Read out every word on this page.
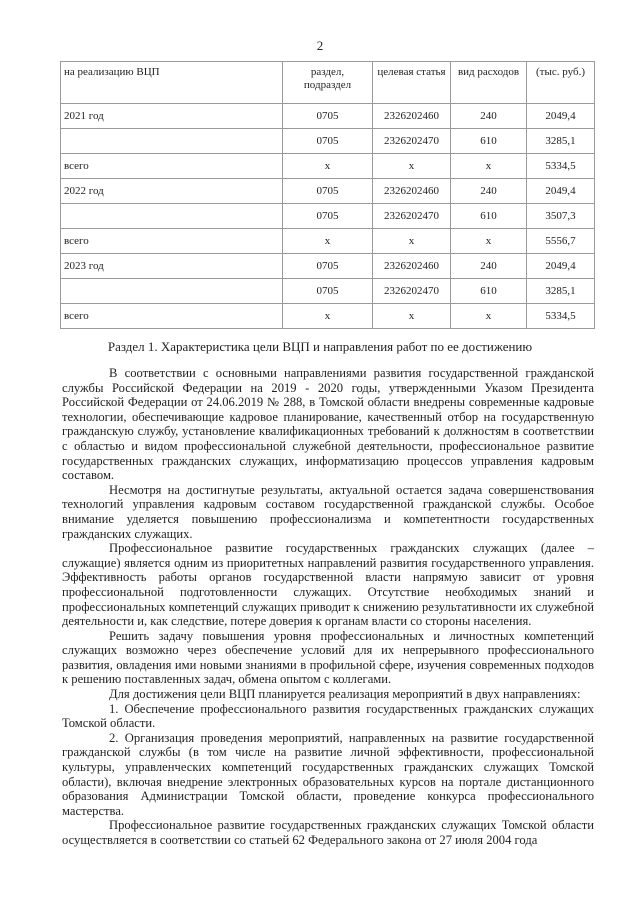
2
на реализацию ВЦП	раздел, подраздел	целевая статья	вид расходов	(тыс. руб.)
2021 год	0705	2326202460	240	2049,4
	0705	2326202470	610	3285,1
всего	х	х	х	5334,5
2022 год	0705	2326202460	240	2049,4
	0705	2326202470	610	3507,3
всего	х	х	х	5556,7
2023 год	0705	2326202460	240	2049,4
	0705	2326202470	610	3285,1
всего	х	х	х	5334,5
Раздел 1. Характеристика цели ВЦП и направления работ по ее достижению

В соответствии с основными направлениями развития государственной гражданской службы Российской Федерации на 2019 - 2020 годы, утвержденными Указом Президента Российской Федерации от 24.06.2019 № 288, в Томской области внедрены современные кадровые технологии, обеспечивающие кадровое планирование, качественный отбор на государственную гражданскую службу, установление квалификационных требований к должностям в соответствии с областью и видом профессиональной служебной деятельности, профессиональное развитие государственных гражданских служащих, информатизацию процессов управления кадровым составом.

Несмотря на достигнутые результаты, актуальной остается задача совершенствования технологий управления кадровым составом государственной гражданской службы. Особое внимание уделяется повышению профессионализма и компетентности государственных гражданских служащих.

Профессиональное развитие государственных гражданских служащих (далее – служащие) является одним из приоритетных направлений развития государственного управления. Эффективность работы органов государственной власти напрямую зависит от уровня профессиональной подготовленности служащих. Отсутствие необходимых знаний и профессиональных компетенций служащих приводит к снижению результативности их служебной деятельности и, как следствие, потере доверия к органам власти со стороны населения.

Решить задачу повышения уровня профессиональных и личностных компетенций служащих возможно через обеспечение условий для их непрерывного профессионального развития, овладения ими новыми знаниями в профильной сфере, изучения современных подходов к решению поставленных задач, обмена опытом с коллегами.

Для достижения цели ВЦП планируется реализация мероприятий в двух направлениях:

1. Обеспечение профессионального развития государственных гражданских служащих Томской области.

2. Организация проведения мероприятий, направленных на развитие государственной гражданской службы (в том числе на развитие личной эффективности, профессиональной культуры, управленческих компетенций государственных гражданских служащих Томской области), включая внедрение электронных образовательных курсов на портале дистанционного образования Администрации Томской области, проведение конкурса профессионального мастерства.

Профессиональное развитие государственных гражданских служащих Томской области осуществляется в соответствии со статьей 62 Федерального закона от 27 июля 2004 года
